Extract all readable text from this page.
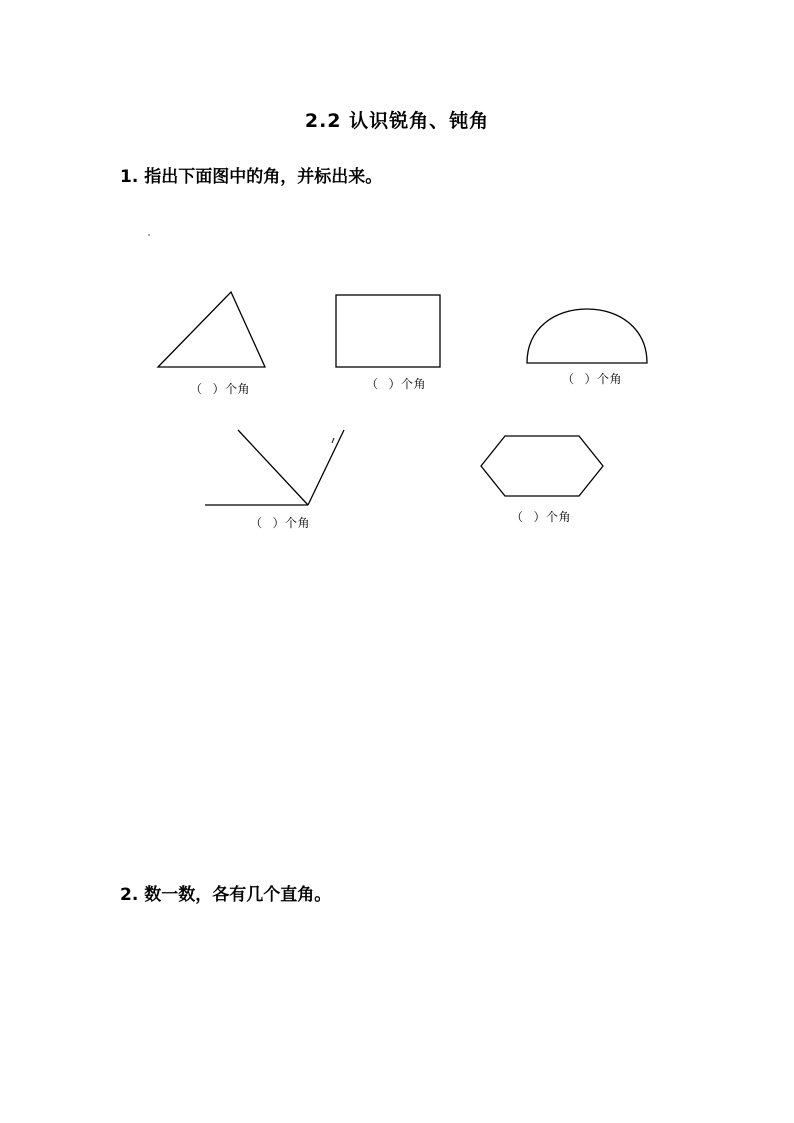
2.2 认识锐角、钝角
1. 指出下面图中的角，并标出来。
（ ）个角	（ ）个角	（ ）个角
（ ）个角	（ ）个角
2. 数一数，各有几个直角。
